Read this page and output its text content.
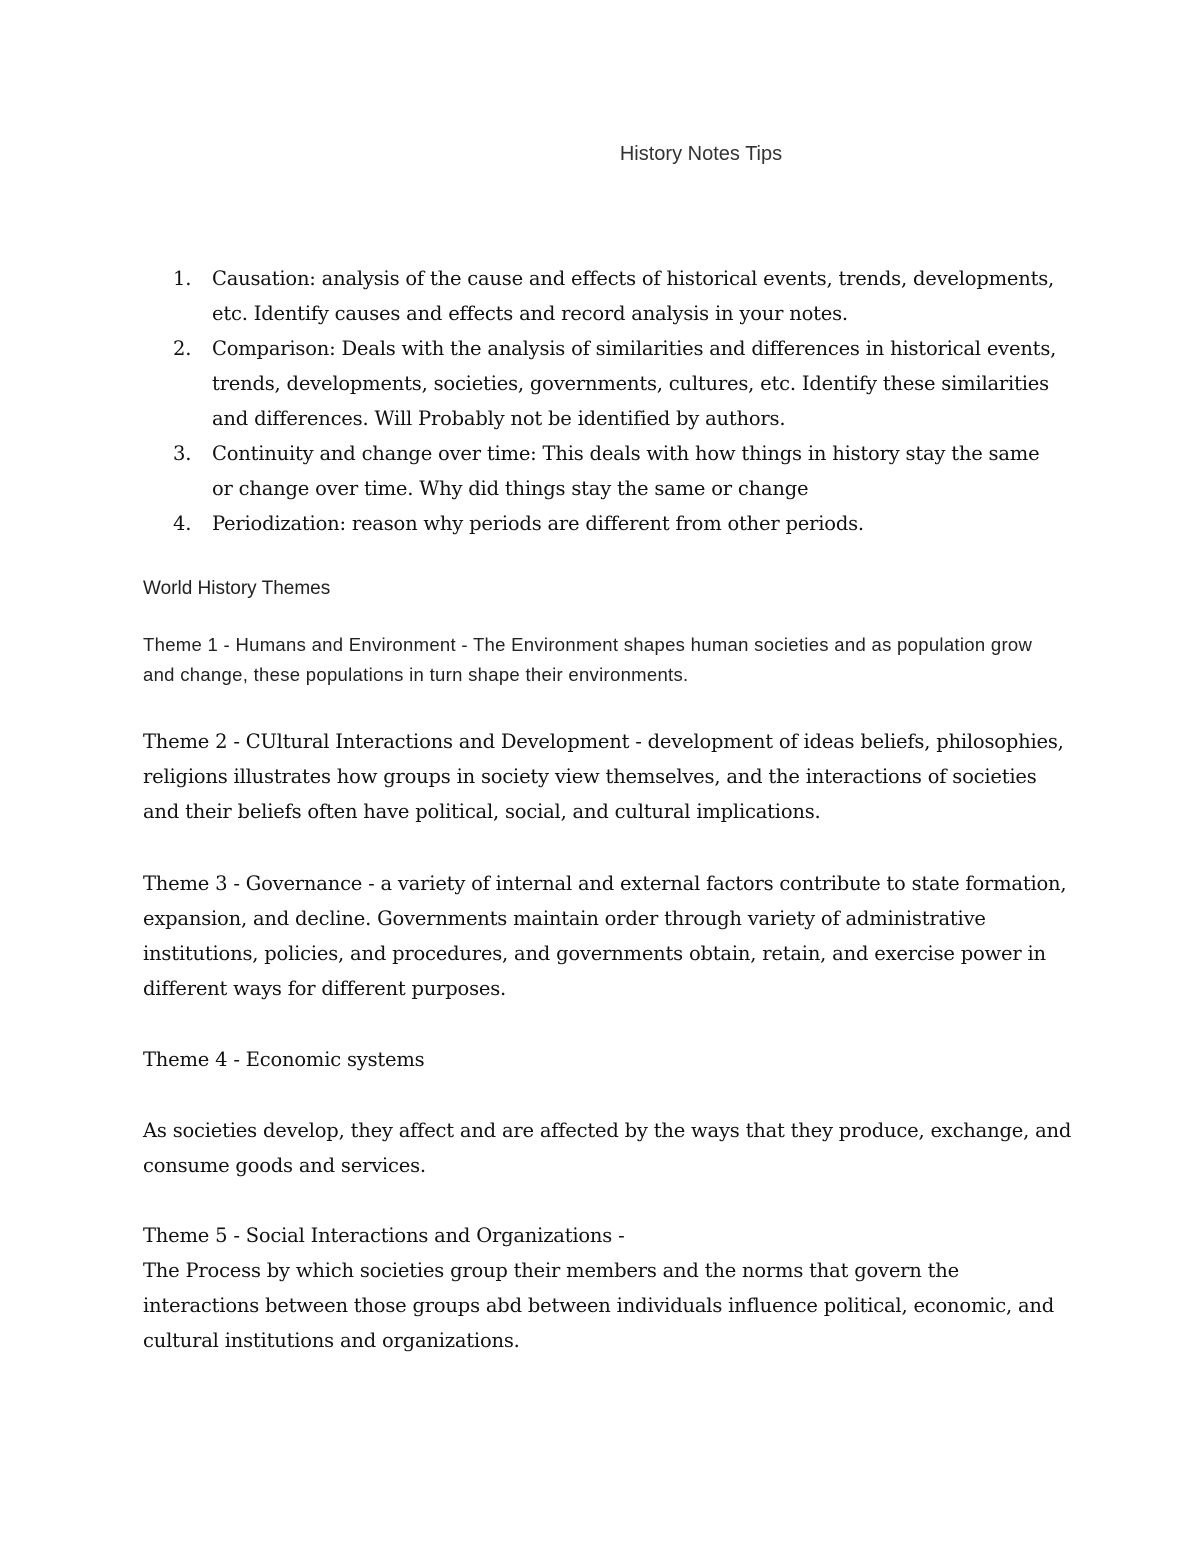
History Notes Tips
1. Causation: analysis of the cause and effects of historical events, trends, developments, etc. Identify causes and effects and record analysis in your notes.
2. Comparison: Deals with the analysis of similarities and differences in historical events, trends, developments, societies, governments, cultures, etc. Identify these similarities and differences. Will Probably not be identified by authors.
3. Continuity and change over time: This deals with how things in history stay the same or change over time. Why did things stay the same or change
4. Periodization: reason why periods are different from other periods.
World History Themes

Theme 1 - Humans and Environment - The Environment shapes human societies and as population grow and change, these populations in turn shape their environments.

Theme 2 - CUltural Interactions and Development - development of ideas beliefs, philosophies, religions illustrates how groups in society view themselves, and the interactions of societies and their beliefs often have political, social, and cultural implications.

Theme 3 - Governance - a variety of internal and external factors contribute to state formation, expansion, and decline. Governments maintain order through variety of administrative institutions, policies, and procedures, and governments obtain, retain, and exercise power in different ways for different purposes.

Theme 4 - Economic systems

As societies develop, they affect and are affected by the ways that they produce, exchange, and consume goods and services.

Theme 5 - Social Interactions and Organizations -
The Process by which societies group their members and the norms that govern the interactions between those groups abd between individuals influence political, economic, and cultural institutions and organizations.
